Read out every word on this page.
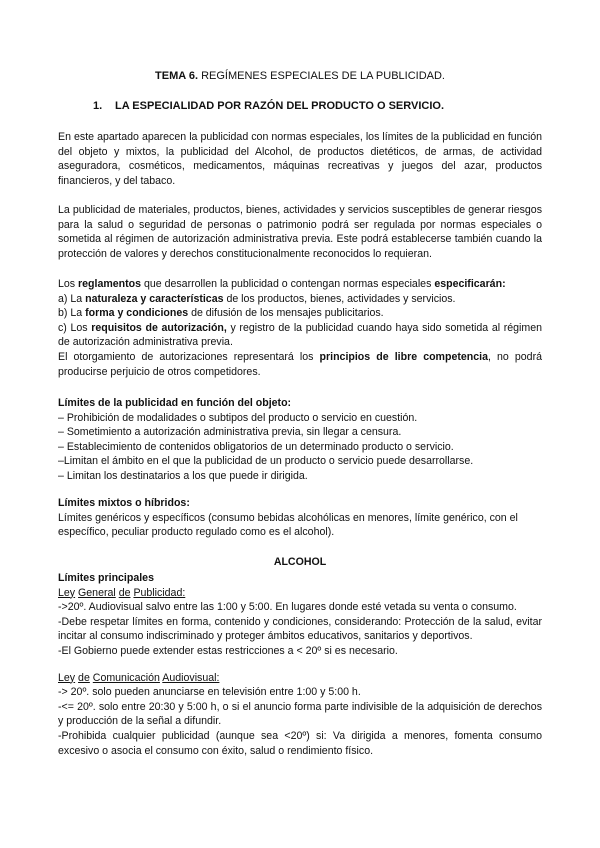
TEMA 6. REGÍMENES ESPECIALES DE LA PUBLICIDAD.
1. LA ESPECIALIDAD POR RAZÓN DEL PRODUCTO O SERVICIO.

En este apartado aparecen la publicidad con normas especiales, los límites de la publicidad en función del objeto y mixtos, la publicidad del Alcohol, de productos dietéticos, de armas, de actividad aseguradora, cosméticos, medicamentos, máquinas recreativas y juegos del azar, productos financieros, y del tabaco.

La publicidad de materiales, productos, bienes, actividades y servicios susceptibles de generar riesgos para la salud o seguridad de personas o patrimonio podrá ser regulada por normas especiales o sometida al régimen de autorización administrativa previa. Este podrá establecerse también cuando la protección de valores y derechos constitucionalmente reconocidos lo requieran.

Los reglamentos que desarrollen la publicidad o contengan normas especiales especificarán:

a) La naturaleza y características de los productos, bienes, actividades y servicios.

b) La forma y condiciones de difusión de los mensajes publicitarios.

c) Los requisitos de autorización, y registro de la publicidad cuando haya sido sometida al régimen de autorización administrativa previa.

El otorgamiento de autorizaciones representará los principios de libre competencia, no podrá producirse perjuicio de otros competidores.

Límites de la publicidad en función del objeto:

– Prohibición de modalidades o subtipos del producto o servicio en cuestión.

– Sometimiento a autorización administrativa previa, sin llegar a censura.

– Establecimiento de contenidos obligatorios de un determinado producto o servicio.

–Limitan el ámbito en el que la publicidad de un producto o servicio puede desarrollarse.

– Limitan los destinatarios a los que puede ir dirigida.

Límites mixtos o híbridos:

Límites genéricos y específicos (consumo bebidas alcohólicas en menores, límite genérico, con el específico, peculiar producto regulado como es el alcohol).

ALCOHOL

Límites principales

Ley General de Publicidad:

->20º. Audiovisual salvo entre las 1:00 y 5:00. En lugares donde esté vetada su venta o consumo.

-Debe respetar límites en forma, contenido y condiciones, considerando: Protección de la salud, evitar incitar al consumo indiscriminado y proteger ámbitos educativos, sanitarios y deportivos.

-El Gobierno puede extender estas restricciones a < 20º si es necesario.

Ley de Comunicación Audiovisual:

-> 20º. solo pueden anunciarse en televisión entre 1:00 y 5:00 h.

-<= 20º. solo entre 20:30 y 5:00 h, o si el anuncio forma parte indivisible de la adquisición de derechos y producción de la señal a difundir.

-Prohibida cualquier publicidad (aunque sea <20º) si: Va dirigida a menores, fomenta consumo excesivo o asocia el consumo con éxito, salud o rendimiento físico.
